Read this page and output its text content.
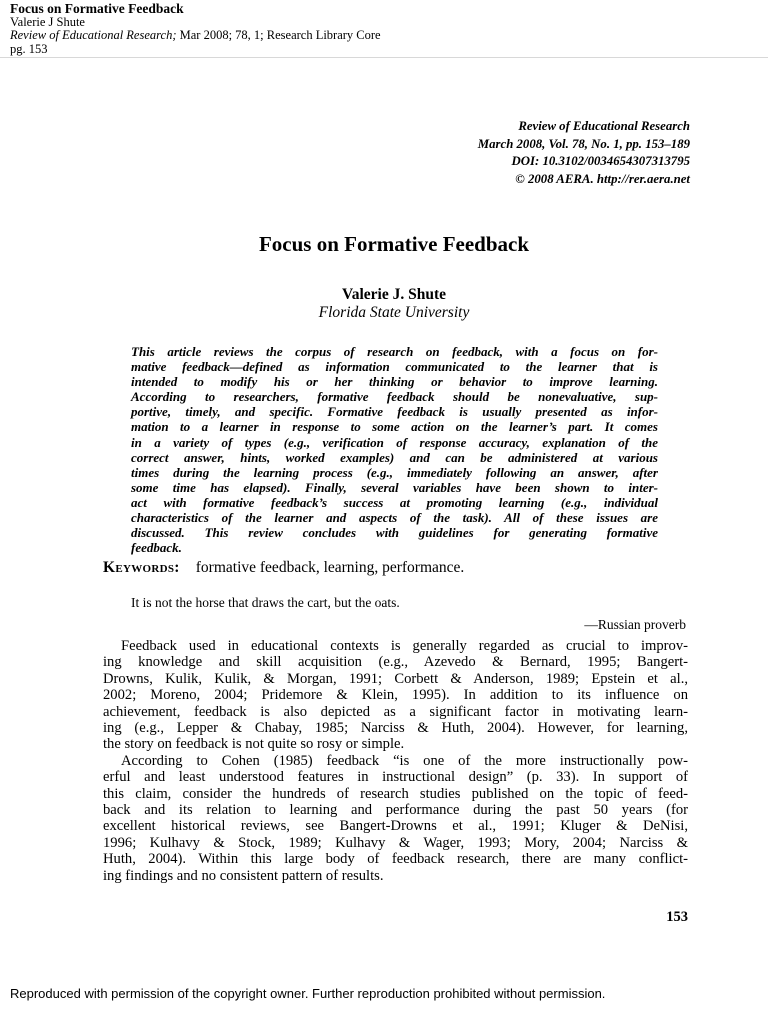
Focus on Formative Feedback
Valerie J Shute
Review of Educational Research; Mar 2008; 78, 1; Research Library Core
pg. 153
Review of Educational Research
March 2008, Vol. 78, No. 1, pp. 153–189
DOI: 10.3102/0034654307313795
© 2008 AERA. http://rer.aera.net
Focus on Formative Feedback
Valerie J. Shute
Florida State University
This article reviews the corpus of research on feedback, with a focus on for-
mative feedback—defined as information communicated to the learner that is
intended to modify his or her thinking or behavior to improve learning.
According to researchers, formative feedback should be nonevaluative, sup-
portive, timely, and specific. Formative feedback is usually presented as infor-
mation to a learner in response to some action on the learner’s part. It comes
in a variety of types (e.g., verification of response accuracy, explanation of the
correct answer, hints, worked examples) and can be administered at various
times during the learning process (e.g., immediately following an answer, after
some time has elapsed). Finally, several variables have been shown to inter-
act with formative feedback’s success at promoting learning (e.g., individual
characteristics of the learner and aspects of the task). All of these issues are
discussed. This review concludes with guidelines for generating formative
feedback.
Keywords: formative feedback, learning, performance.
It is not the horse that draws the cart, but the oats.
—Russian proverb
Feedback used in educational contexts is generally regarded as crucial to improv-
ing knowledge and skill acquisition (e.g., Azevedo & Bernard, 1995; Bangert-
Drowns, Kulik, Kulik, & Morgan, 1991; Corbett & Anderson, 1989; Epstein et al.,
2002; Moreno, 2004; Pridemore & Klein, 1995). In addition to its influence on
achievement, feedback is also depicted as a significant factor in motivating learn-
ing (e.g., Lepper & Chabay, 1985; Narciss & Huth, 2004). However, for learning,
the story on feedback is not quite so rosy or simple.
According to Cohen (1985) feedback “is one of the more instructionally pow-
erful and least understood features in instructional design” (p. 33). In support of
this claim, consider the hundreds of research studies published on the topic of feed-
back and its relation to learning and performance during the past 50 years (for
excellent historical reviews, see Bangert-Drowns et al., 1991; Kluger & DeNisi,
1996; Kulhavy & Stock, 1989; Kulhavy & Wager, 1993; Mory, 2004; Narciss &
Huth, 2004). Within this large body of feedback research, there are many conflict-
ing findings and no consistent pattern of results.
153
Reproduced with permission of the copyright owner. Further reproduction prohibited without permission.
